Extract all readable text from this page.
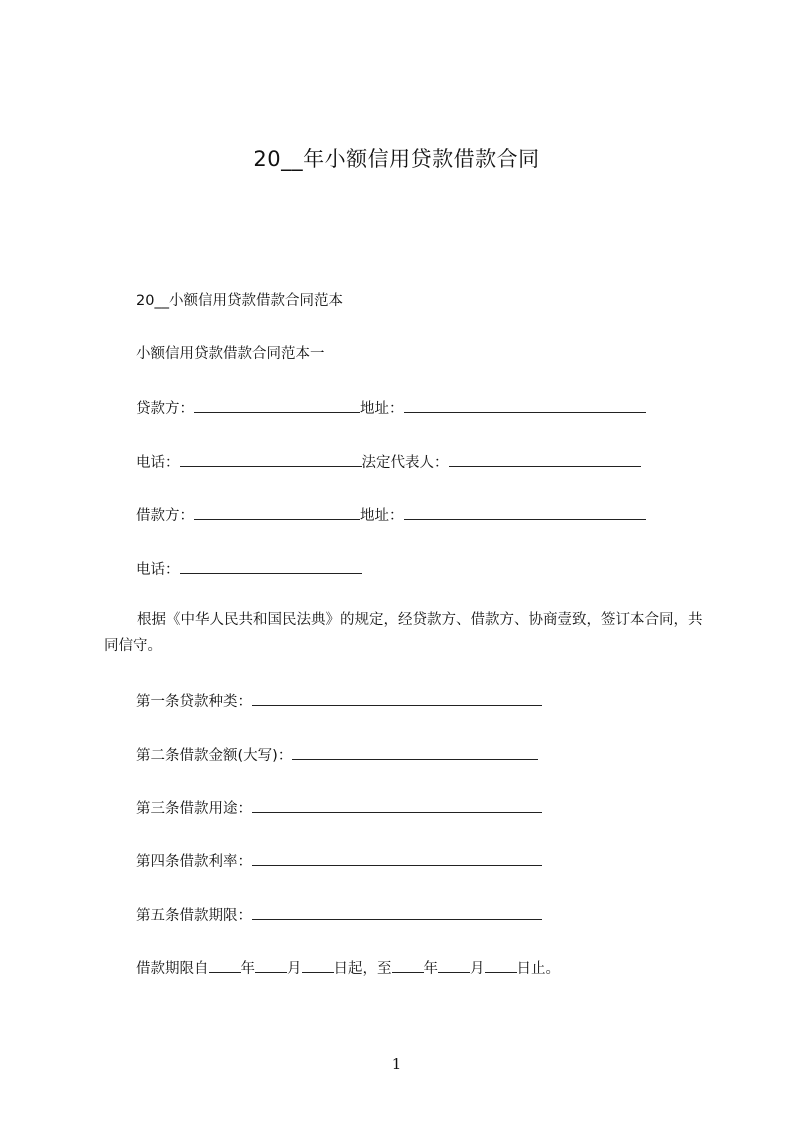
20__年小额信用贷款借款合同
20__小额信用贷款借款合同范本
小额信用贷款借款合同范本一
贷款方：	地址：
电话：	法定代表人：
借款方：	地址：
电话：
根据《中华人民共和国民法典》的规定，经贷款方、借款方、协商壹致，签订本合同，共同信守。
第一条贷款种类：
第二条借款金额(大写)：
第三条借款用途：
第四条借款利率：
第五条借款期限：
借款期限自 年 月 日起，至 年 月 日止。
1
